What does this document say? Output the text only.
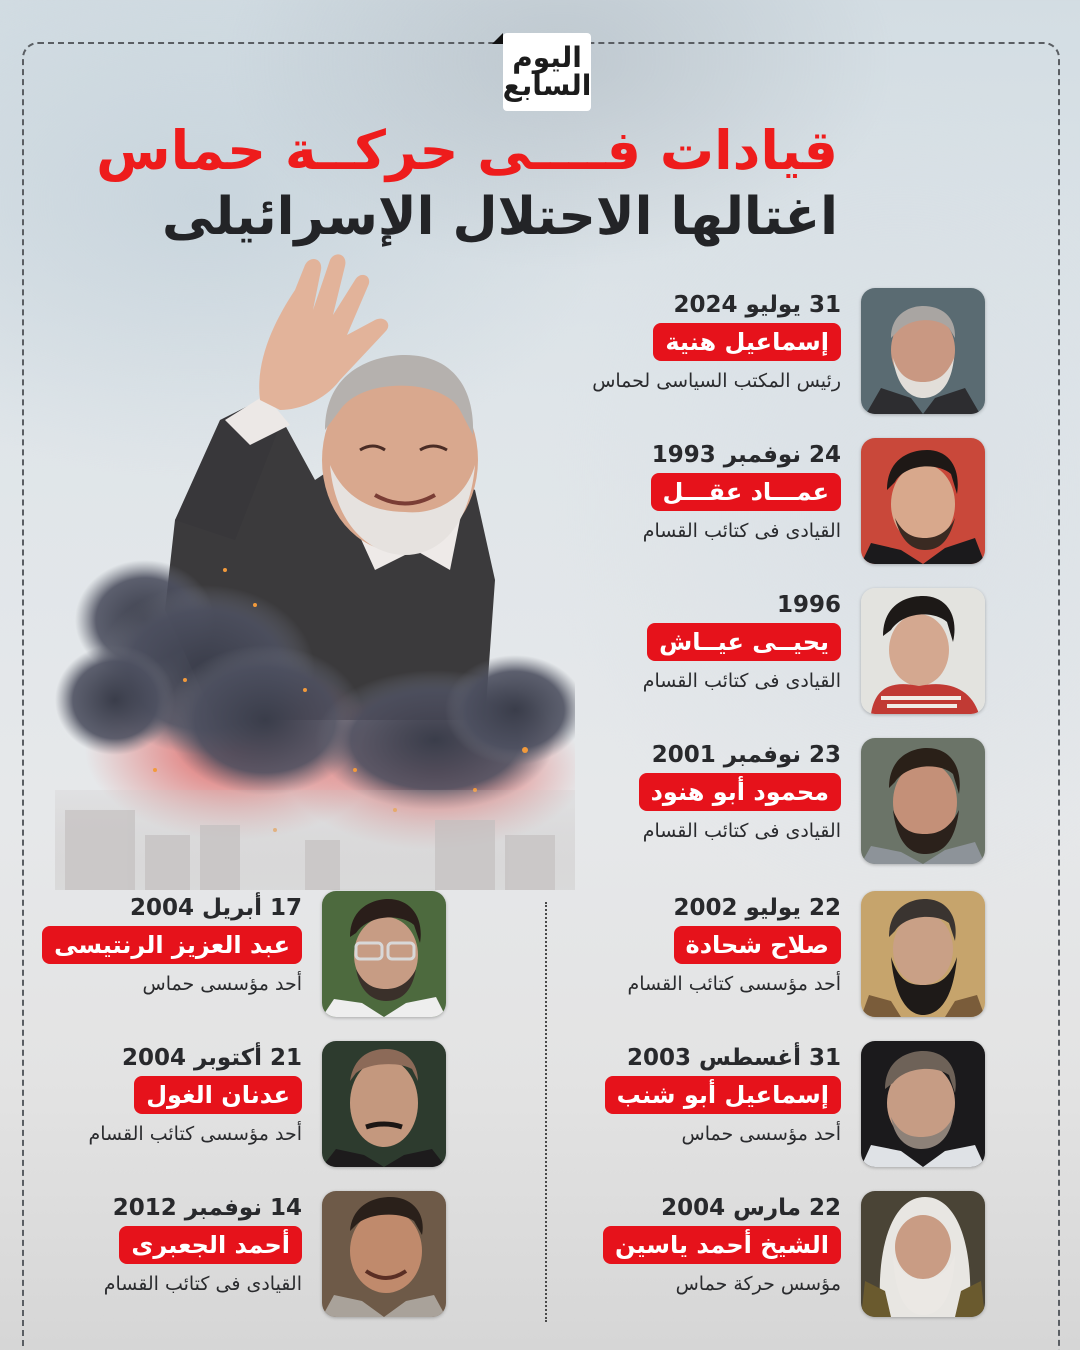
اليوم
السابع
قيادات فــــى حركــة حماس
اغتالها الاحتلال الإسرائيلى
31 يوليو 2024
إسماعيل هنية
رئيس المكتب السياسى لحماس
24 نوفمبر 1993
عمـــاد عقـــل
القيادى فى كتائب القسام
1996
يحيــى عيــاش
القيادى فى كتائب القسام
23 نوفمبر 2001
محمود أبو هنود
القيادى فى كتائب القسام
22 يوليو 2002
صلاح شحادة
أحد مؤسسى كتائب القسام
31 أغسطس 2003
إسماعيل أبو شنب
أحد مؤسسى حماس
22 مارس 2004
الشيخ أحمد ياسين
مؤسس حركة حماس
17 أبريل 2004
عبد العزيز الرنتيسى
أحد مؤسسى حماس
21 أكتوبر 2004
عدنان الغول
أحد مؤسسى كتائب القسام
14 نوفمبر 2012
أحمد الجعبرى
القيادى فى كتائب القسام
